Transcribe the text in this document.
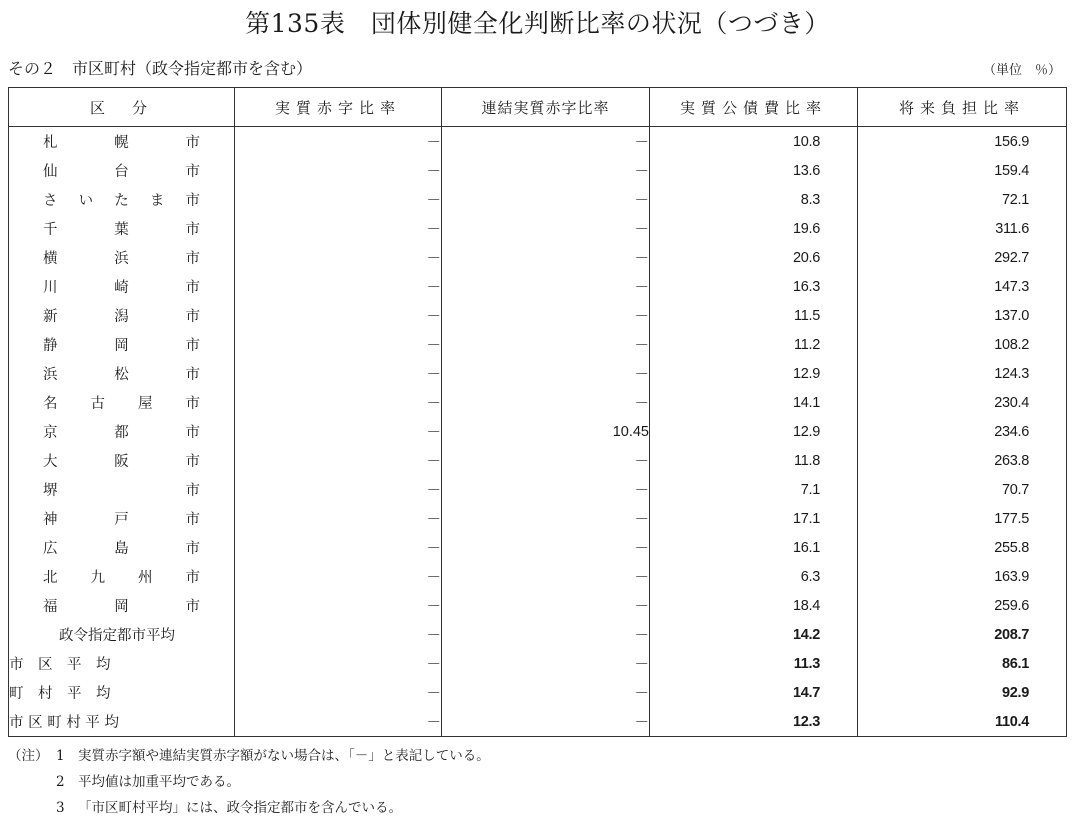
第135表　団体別健全化判断比率の状況（つづき）
その２　市区町村（政令指定都市を含む）	（単位　％）
区　分	実質赤字比率	連結実質赤字比率	実質公債費比率	将来負担比率

札 幌 市	－	－	10.8	156.9

仙 台 市	－	－	13.6	159.4

さ い た ま 市	－	－	8.3	72.1

千 葉 市	－	－	19.6	311.6

横 浜 市	－	－	20.6	292.7

川 崎 市	－	－	16.3	147.3

新 潟 市	－	－	11.5	137.0

静 岡 市	－	－	11.2	108.2

浜 松 市	－	－	12.9	124.3

名 古 屋 市	－	－	14.1	230.4

京 都 市	－	10.45	12.9	234.6

大 阪 市	－	－	11.8	263.8

堺 市	－	－	7.1	70.7

神 戸 市	－	－	17.1	177.5

広 島 市	－	－	16.1	255.8

北 九 州 市	－	－	6.3	163.9

福 岡 市	－	－	18.4	259.6
政令指定都市平均	－	－	14.2	208.7
市　区　平　均	－	－	11.3	86.1
町　村　平　均	－	－	14.7	92.9
市 区 町 村 平 均	－	－	12.3	110.4
（注） 1 実質赤字額や連結実質赤字額がない場合は、「－」と表記している。
2 平均値は加重平均である。
3 「市区町村平均」には、政令指定都市を含んでいる。
